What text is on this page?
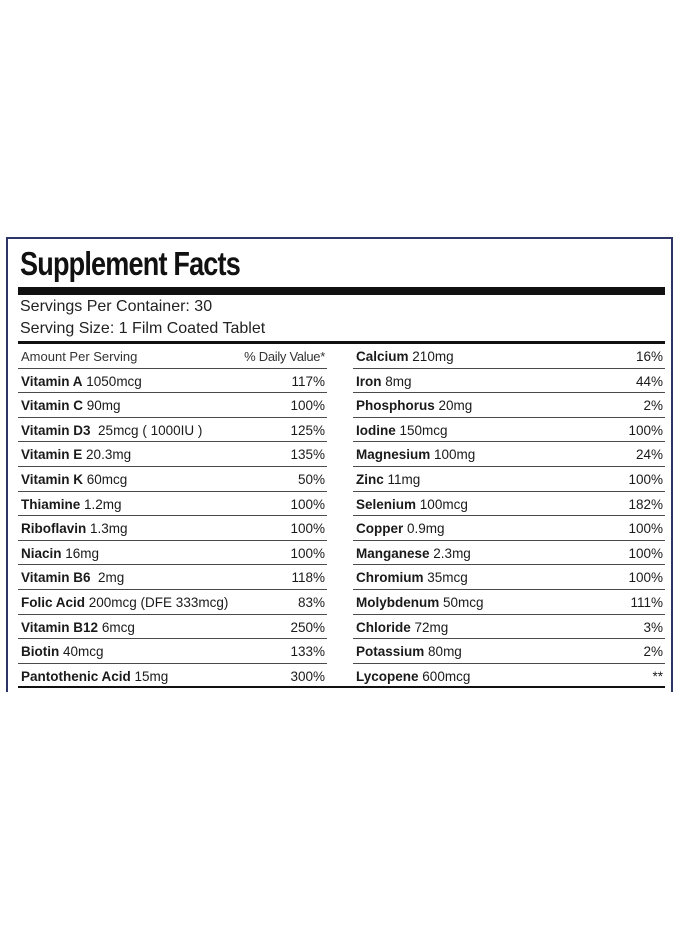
Supplement Facts
Servings Per Container: 30
Serving Size: 1 Film Coated Tablet
Amount Per Serving	% Daily Value*
Vitamin A 1050mcg	117%
Vitamin C 90mg	100%
Vitamin D3 25mcg ( 1000IU )	125%
Vitamin E 20.3mg	135%
Vitamin K 60mcg	50%
Thiamine 1.2mg	100%
Riboflavin 1.3mg	100%
Niacin 16mg	100%
Vitamin B6 2mg	118%
Folic Acid 200mcg (DFE 333mcg)	83%
Vitamin B12 6mcg	250%
Biotin 40mcg	133%
Pantothenic Acid 15mg	300%
Calcium 210mg	16%
Iron 8mg	44%
Phosphorus 20mg	2%
Iodine 150mcg	100%
Magnesium 100mg	24%
Zinc 11mg	100%
Selenium 100mcg	182%
Copper 0.9mg	100%
Manganese 2.3mg	100%
Chromium 35mcg	100%
Molybdenum 50mcg	111%
Chloride 72mg	3%
Potassium 80mg	2%
Lycopene 600mcg	**
